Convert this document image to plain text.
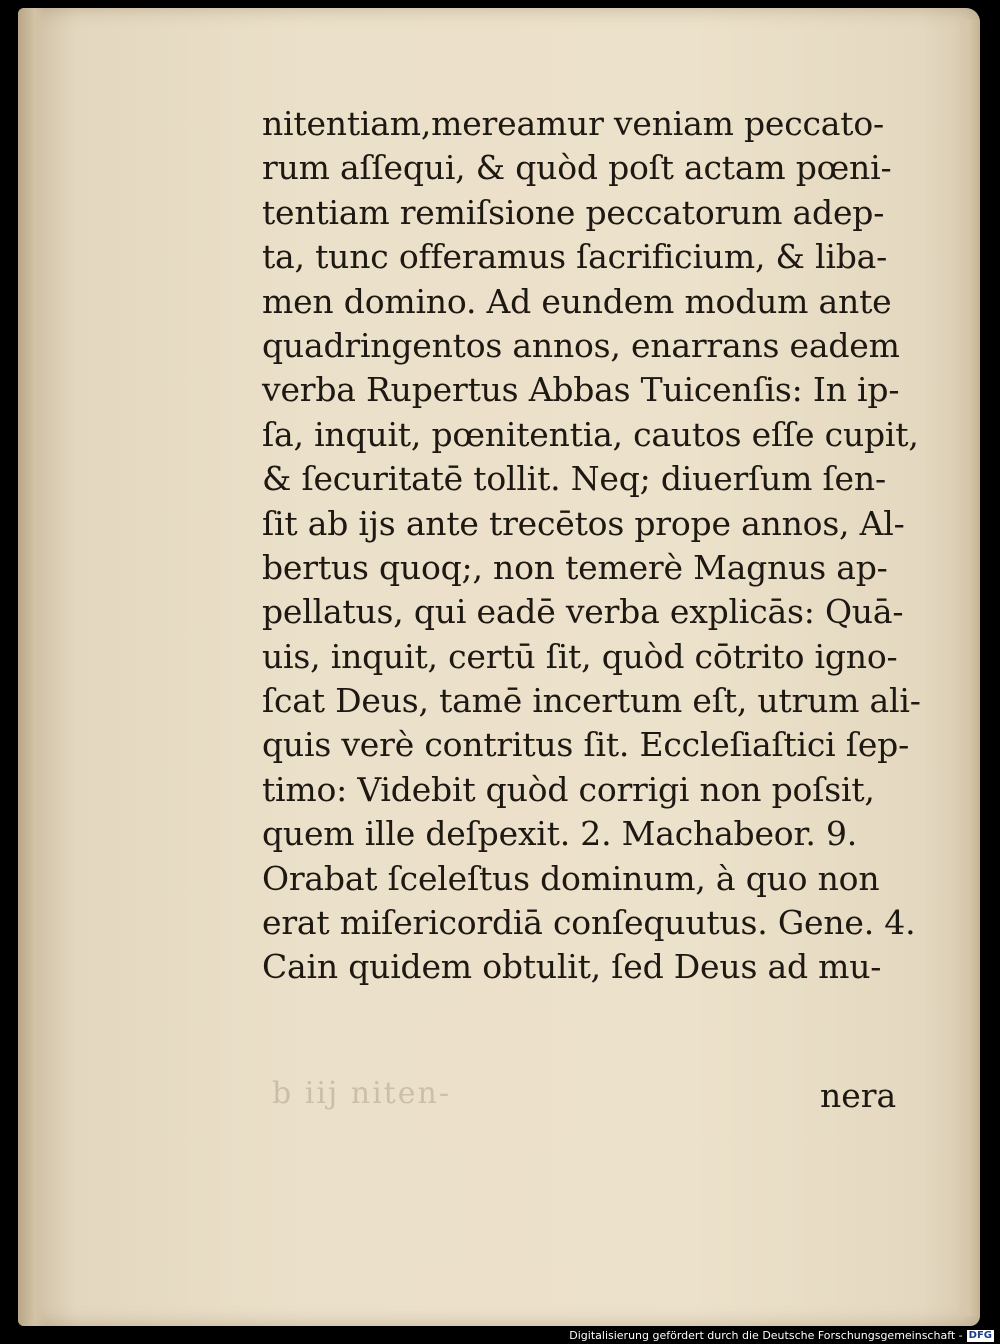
b iij niten-
nitentiam,mereamur veniam peccato-
rum aſſequi, & quòd poſt actam pœni-
tentiam remiſsione peccatorum adep-
ta, tunc offeramus ſacrificium, & liba-
men domino. Ad eundem modum ante
quadringentos annos, enarrans eadem
verba Rupertus Abbas Tuicenſis: In ip-
ſa, inquit, pœnitentia, cautos eſſe cupit,
& ſecuritatē tollit. Neq; diuerſum ſen-
ſit ab ijs ante trecētos prope annos, Al-
bertus quoq;, non temerè Magnus ap-
pellatus, qui eadē verba explicās: Quā-
uis, inquit, certū ſit, quòd cōtrito igno-
ſcat Deus, tamē incertum eſt, utrum ali-
quis verè contritus ſit. Eccleſiaſtici ſep-
timo: Videbit quòd corrigi non poſsit,
quem ille deſpexit. 2. Machabeor. 9.
Orabat ſceleſtus dominum, à quo non
erat miſericordiā conſequutus. Gene. 4.
Cain quidem obtulit, ſed Deus ad mu-
nera
Digitalisierung gefördert durch die Deutsche Forschungsgemeinschaft - DFG
